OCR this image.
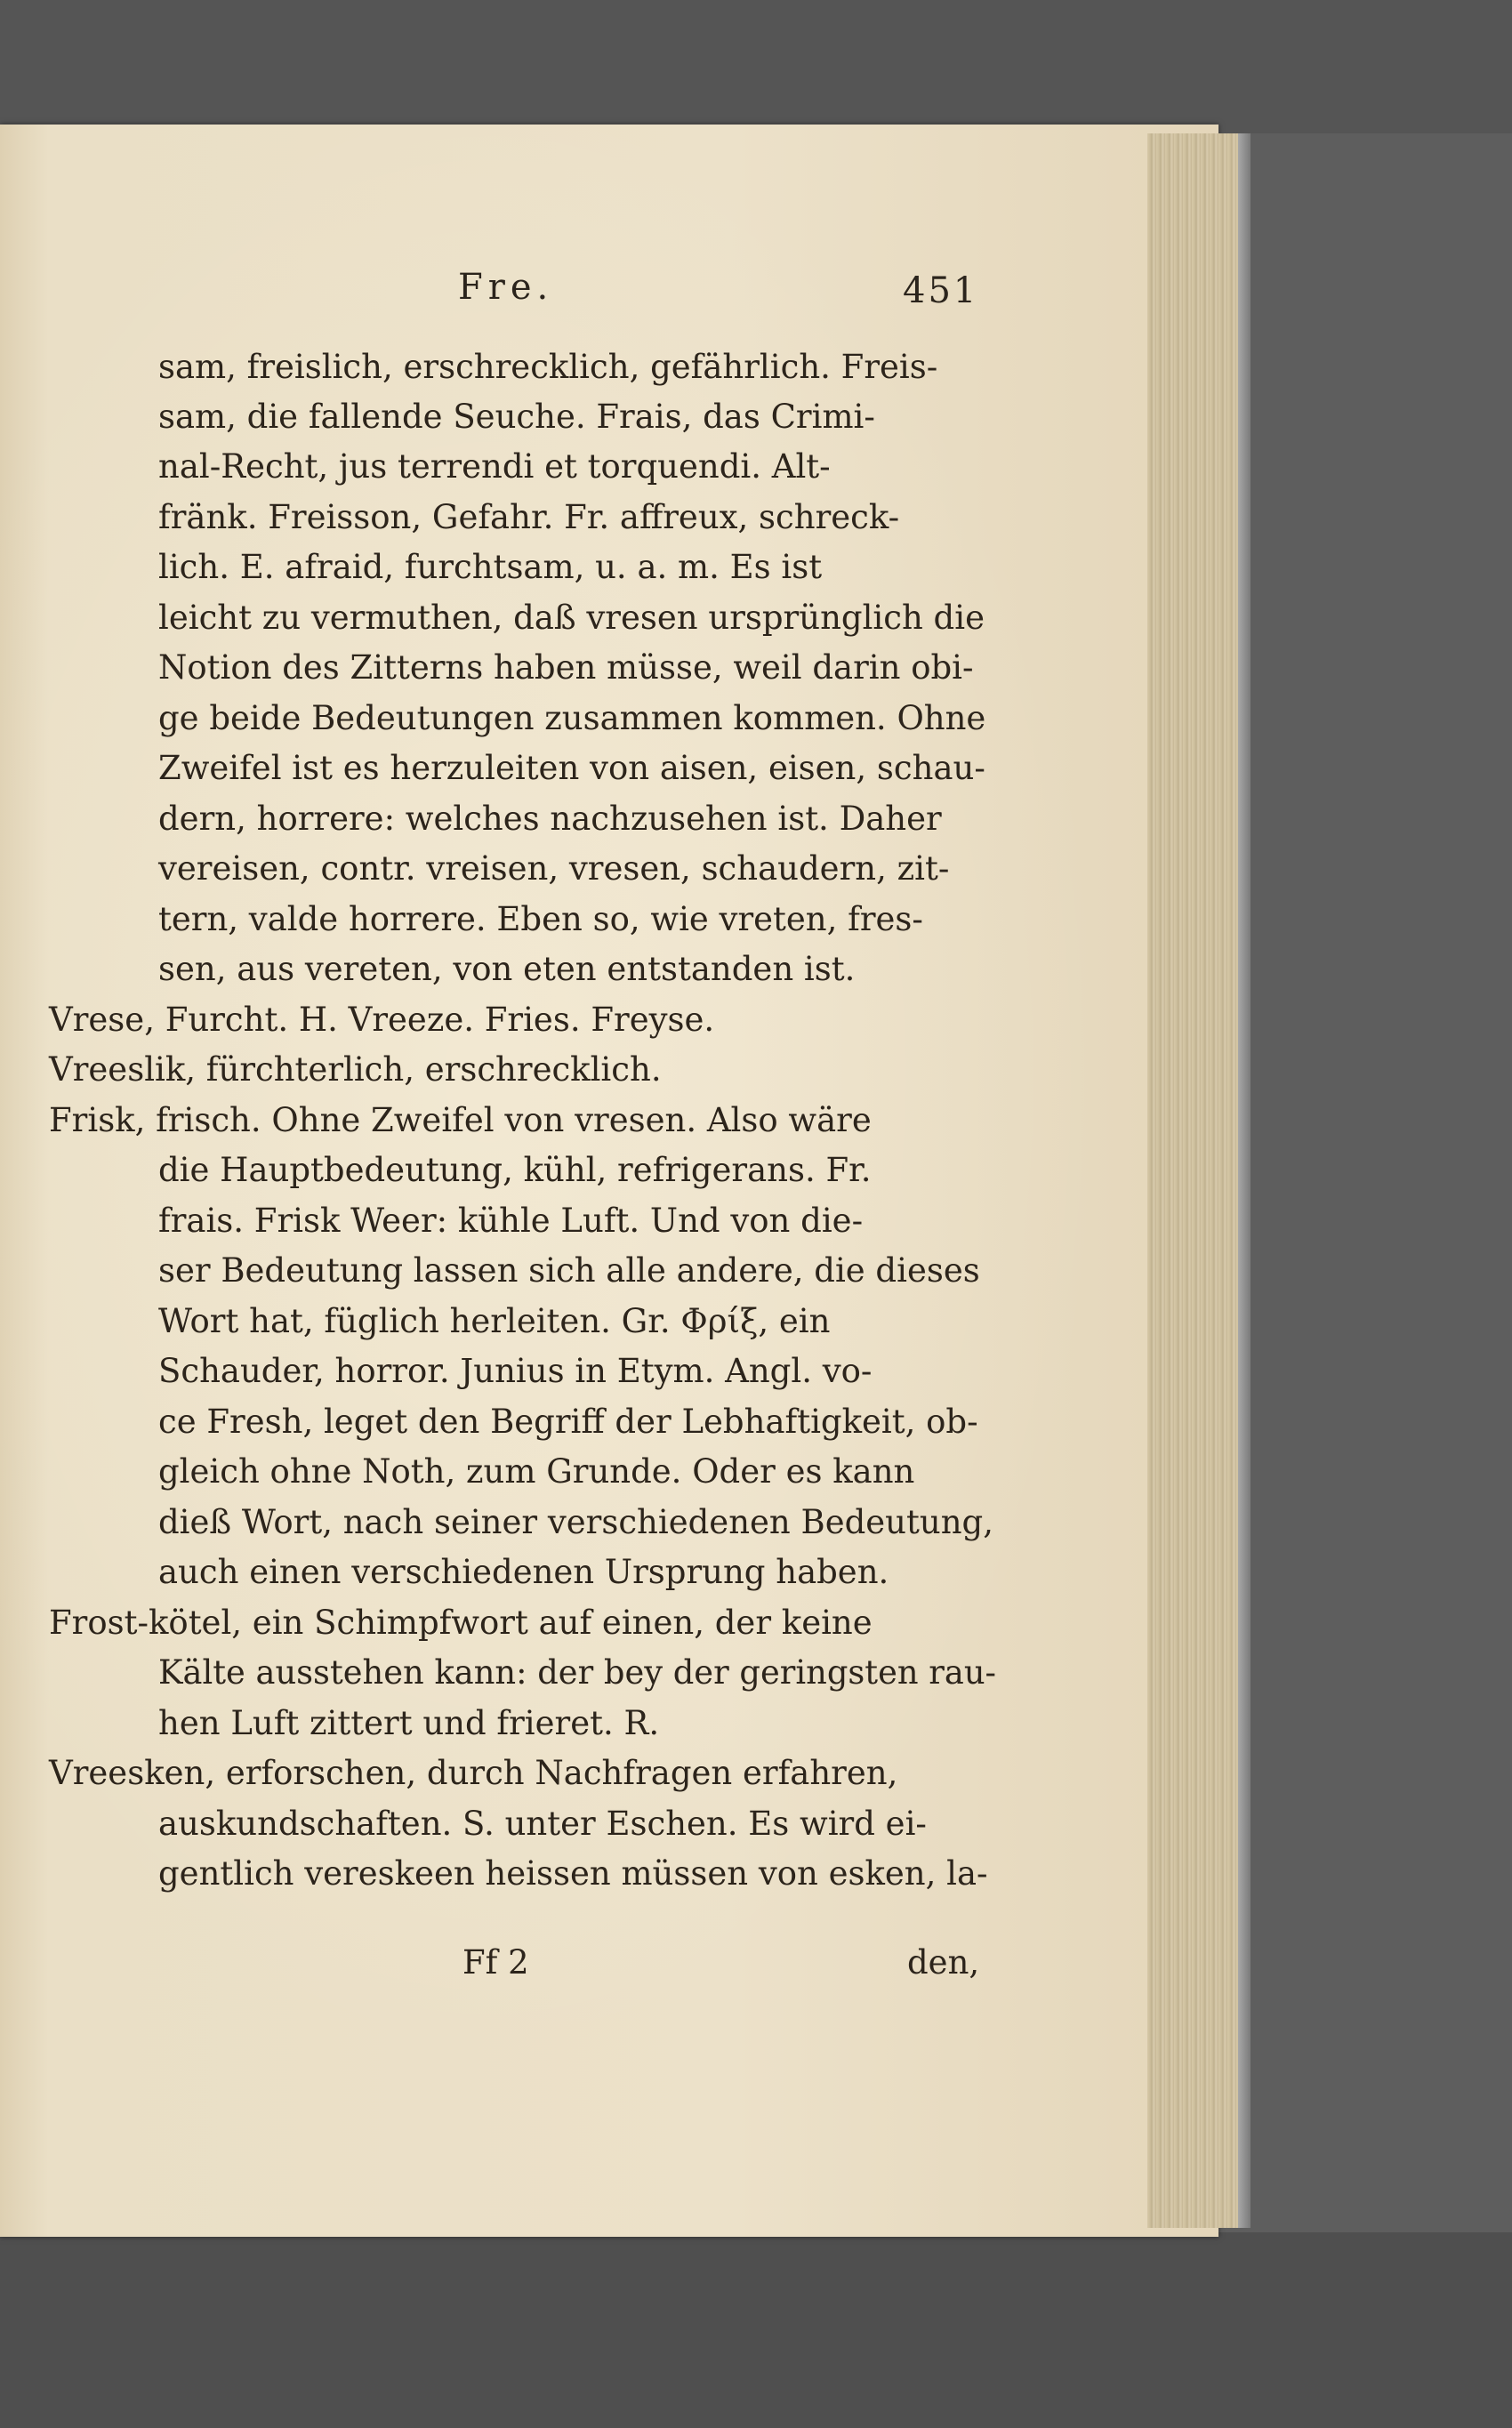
Fre.	451
sam, freislich, erschrecklich, gefährlich. Freis-
sam, die fallende Seuche. Frais, das Crimi-
nal-Recht, jus terrendi et torquendi. Alt-
fränk. Freisson, Gefahr. Fr. affreux, schreck-
lich. E. afraid, furchtsam, u. a. m. Es ist
leicht zu vermuthen, daß vresen ursprünglich die
Notion des Zitterns haben müsse, weil darin obi-
ge beide Bedeutungen zusammen kommen. Ohne
Zweifel ist es herzuleiten von aisen, eisen, schau-
dern, horrere: welches nachzusehen ist. Daher
vereisen, contr. vreisen, vresen, schaudern, zit-
tern, valde horrere. Eben so, wie vreten, fres-
sen, aus vereten, von eten entstanden ist.
Vrese, Furcht. H. Vreeze. Fries. Freyse.
Vreeslik, fürchterlich, erschrecklich.
Frisk, frisch. Ohne Zweifel von vresen. Also wäre
die Hauptbedeutung, kühl, refrigerans. Fr.
frais. Frisk Weer: kühle Luft. Und von die-
ser Bedeutung lassen sich alle andere, die dieses
Wort hat, füglich herleiten. Gr. Φρίξ, ein
Schauder, horror. Junius in Etym. Angl. vo-
ce Fresh, leget den Begriff der Lebhaftigkeit, ob-
gleich ohne Noth, zum Grunde. Oder es kann
dieß Wort, nach seiner verschiedenen Bedeutung,
auch einen verschiedenen Ursprung haben.
Frost-kötel, ein Schimpfwort auf einen, der keine
Kälte ausstehen kann: der bey der geringsten rau-
hen Luft zittert und frieret. R.
Vreesken, erforschen, durch Nachfragen erfahren,
auskundschaften. S. unter Eschen. Es wird ei-
gentlich vereskeen heissen müssen von esken, la-
Ff 2	den,
